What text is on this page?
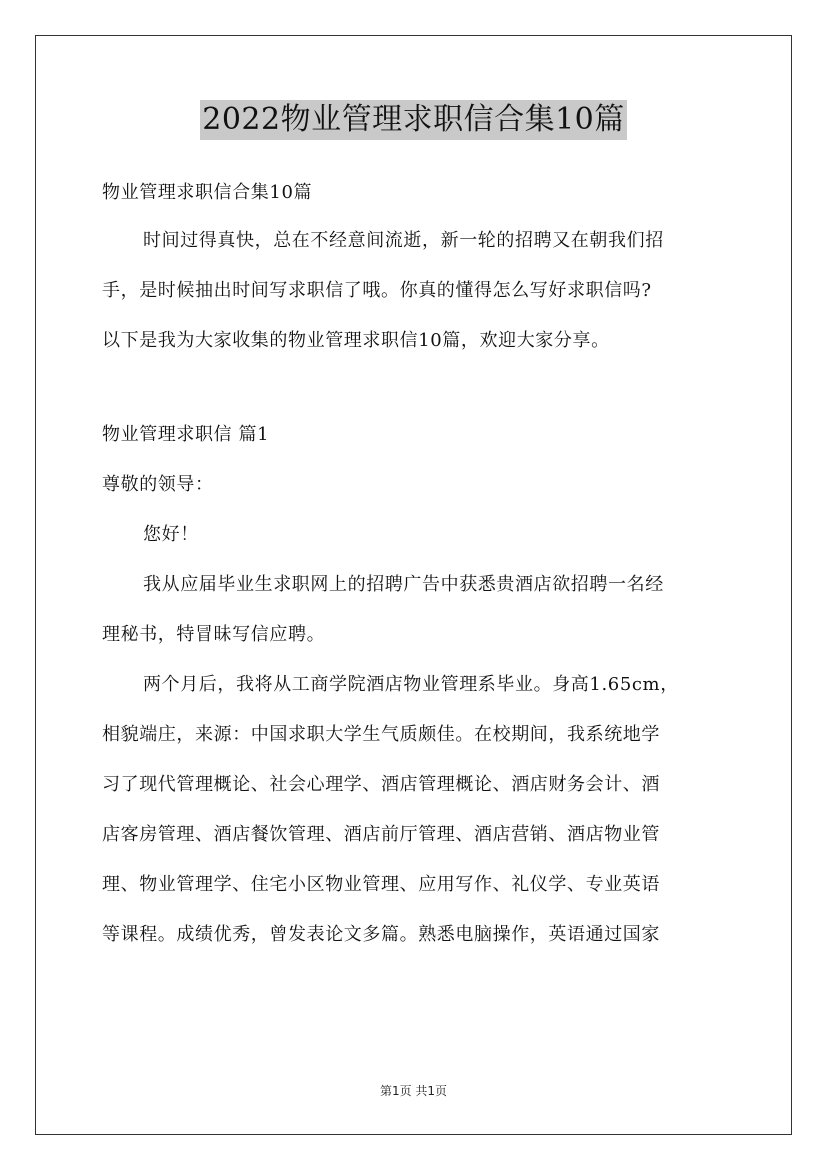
2022物业管理求职信合集10篇
物业管理求职信合集10篇
时间过得真快，总在不经意间流逝，新一轮的招聘又在朝我们招
手，是时候抽出时间写求职信了哦。你真的懂得怎么写好求职信吗?
以下是我为大家收集的物业管理求职信10篇，欢迎大家分享。
物业管理求职信 篇1
尊敬的领导：
您好！
我从应届毕业生求职网上的招聘广告中获悉贵酒店欲招聘一名经
理秘书，特冒昧写信应聘。
两个月后，我将从工商学院酒店物业管理系毕业。身高1.65cm，
相貌端庄，来源：中国求职大学生气质颇佳。在校期间，我系统地学
习了现代管理概论、社会心理学、酒店管理概论、酒店财务会计、酒
店客房管理、酒店餐饮管理、酒店前厅管理、酒店营销、酒店物业管
理、物业管理学、住宅小区物业管理、应用写作、礼仪学、专业英语
等课程。成绩优秀，曾发表论文多篇。熟悉电脑操作，英语通过国家
第1页 共1页
